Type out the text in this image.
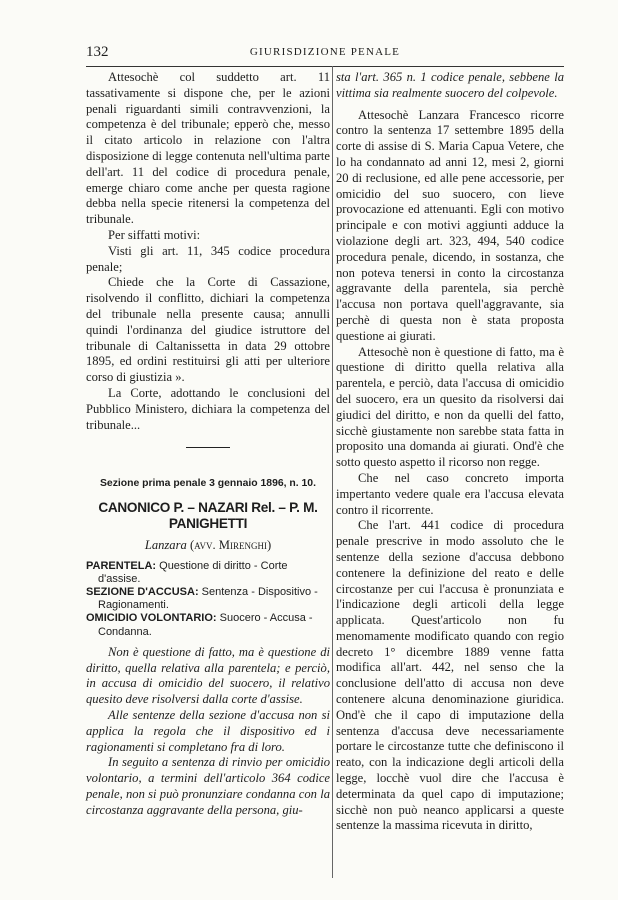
132	GIURISDIZIONE PENALE

Attesochè col suddetto art. 11 tassativamente si dispone che, per le azioni penali riguardanti simili contravvenzioni, la competenza è del tribunale; epperò che, messo il citato articolo in relazione con l'altra disposizione di legge contenuta nell'ultima parte dell'art. 11 del codice di procedura penale, emerge chiaro come anche per questa ragione debba nella specie ritenersi la competenza del tribunale.

Per siffatti motivi:

Visti gli art. 11, 345 codice procedura penale;

Chiede che la Corte di Cassazione, risolvendo il conflitto, dichiari la competenza del tribunale nella presente causa; annulli quindi l'ordinanza del giudice istruttore del tribunale di Caltanissetta in data 29 ottobre 1895, ed ordini restituirsi gli atti per ulteriore corso di giustizia ».

La Corte, adottando le conclusioni del Pubblico Ministero, dichiara la competenza del tribunale...

Sezione prima penale 3 gennaio 1896, n. 10.
CANONICO P. – NAZARI Rel. – P. M. PANIGHETTI
Lanzara (avv. Mirenghi)
PARENTELA: Questione di diritto - Corte d'assise.
SEZIONE D'ACCUSA: Sentenza - Dispositivo - Ragionamenti.
OMICIDIO VOLONTARIO: Suocero - Accusa - Condanna.

Non è questione di fatto, ma è questione di diritto, quella relativa alla parentela; e perciò, in accusa di omicidio del suocero, il relativo quesito deve risolversi dalla corte d'assise.

Alle sentenze della sezione d'accusa non si applica la regola che il dispositivo ed i ragionamenti si completano fra di loro.

In seguito a sentenza di rinvio per omicidio volontario, a termini dell'articolo 364 codice penale, non si può pronunziare condanna con la circostanza aggravante della persona, giu-

sta l'art. 365 n. 1 codice penale, sebbene la vittima sia realmente suocero del colpevole.

Attesochè Lanzara Francesco ricorre contro la sentenza 17 settembre 1895 della corte di assise di S. Maria Capua Vetere, che lo ha condannato ad anni 12, mesi 2, giorni 20 di reclusione, ed alle pene accessorie, per omicidio del suo suocero, con lieve provocazione ed attenuanti. Egli con motivo principale e con motivi aggiunti adduce la violazione degli art. 323, 494, 540 codice procedura penale, dicendo, in sostanza, che non poteva tenersi in conto la circostanza aggravante della parentela, sia perchè l'accusa non portava quell'aggravante, sia perchè di questa non è stata proposta questione ai giurati.

Attesochè non è questione di fatto, ma è questione di diritto quella relativa alla parentela, e perciò, data l'accusa di omicidio del suocero, era un quesito da risolversi dai giudici del diritto, e non da quelli del fatto, sicchè giustamente non sarebbe stata fatta in proposito una domanda ai giurati. Ond'è che sotto questo aspetto il ricorso non regge.

Che nel caso concreto importa impertanto vedere quale era l'accusa elevata contro il ricorrente.

Che l'art. 441 codice di procedura penale prescrive in modo assoluto che le sentenze della sezione d'accusa debbono contenere la definizione del reato e delle circostanze per cui l'accusa è pronunziata e l'indicazione degli articoli della legge applicata. Quest'articolo non fu menomamente modificato quando con regio decreto 1° dicembre 1889 venne fatta modifica all'art. 442, nel senso che la conclusione dell'atto di accusa non deve contenere alcuna denominazione giuridica. Ond'è che il capo di imputazione della sentenza d'accusa deve necessariamente portare le circostanze tutte che definiscono il reato, con la indicazione degli articoli della legge, locchè vuol dire che l'accusa è determinata da quel capo di imputazione; sicchè non può neanco applicarsi a queste sentenze la massima ricevuta in diritto,
